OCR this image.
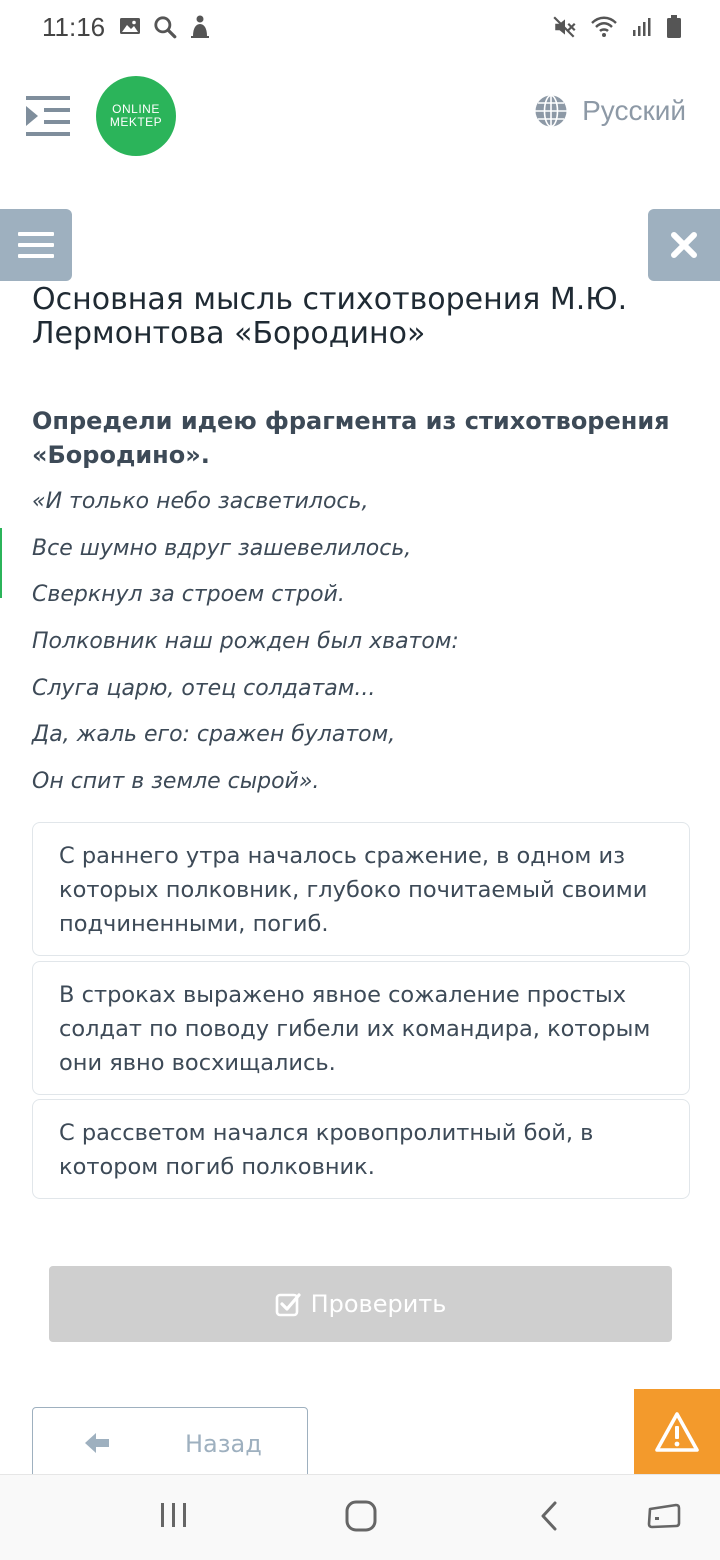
11:16
ONLINE
MEKTEP	Русский
Основная мысль стихотворения М.Ю. Лермонтова «Бородино»
Определи идею фрагмента из стихотворения «Бородино».
«И только небо засветилось,
Все шумно вдруг зашевелилось,
Сверкнул за строем строй.
Полковник наш рожден был хватом:
Слуга царю, отец солдатам...
Да, жаль его: сражен булатом,
Он спит в земле сырой».
С раннего утра началось сражение, в одном из которых полковник, глубоко почитаемый своими подчиненными, погиб.
В строках выражено явное сожаление простых солдат по поводу гибели их командира, которым они явно восхищались.
С рассветом начался кровопролитный бой, в котором погиб полковник.
Проверить
Назад
